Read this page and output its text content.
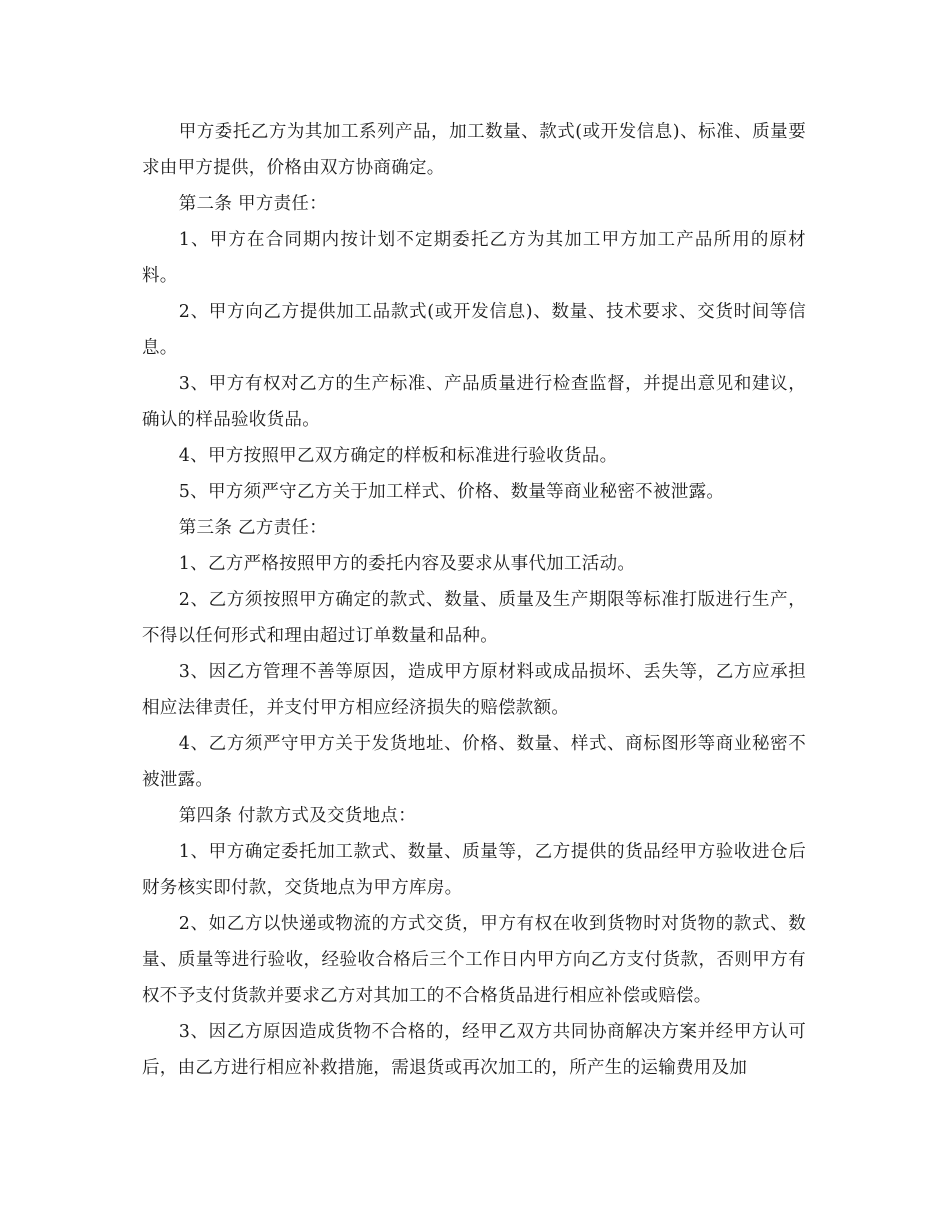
甲方委托乙方为其加工系列产品，加工数量、款式(或开发信息)、标准、质量要求由甲方提供，价格由双方协商确定。

第二条 甲方责任：

1、甲方在合同期内按计划不定期委托乙方为其加工甲方加工产品所用的原材料。

2、甲方向乙方提供加工品款式(或开发信息)、数量、技术要求、交货时间等信息。

3、甲方有权对乙方的生产标准、产品质量进行检查监督，并提出意见和建议，确认的样品验收货品。

4、甲方按照甲乙双方确定的样板和标准进行验收货品。

5、甲方须严守乙方关于加工样式、价格、数量等商业秘密不被泄露。

第三条 乙方责任：

1、乙方严格按照甲方的委托内容及要求从事代加工活动。

2、乙方须按照甲方确定的款式、数量、质量及生产期限等标准打版进行生产，不得以任何形式和理由超过订单数量和品种。

3、因乙方管理不善等原因，造成甲方原材料或成品损坏、丢失等，乙方应承担相应法律责任，并支付甲方相应经济损失的赔偿款额。

4、乙方须严守甲方关于发货地址、价格、数量、样式、商标图形等商业秘密不被泄露。

第四条 付款方式及交货地点：

1、甲方确定委托加工款式、数量、质量等，乙方提供的货品经甲方验收进仓后财务核实即付款，交货地点为甲方库房。

2、如乙方以快递或物流的方式交货，甲方有权在收到货物时对货物的款式、数量、质量等进行验收，经验收合格后三个工作日内甲方向乙方支付货款，否则甲方有权不予支付货款并要求乙方对其加工的不合格货品进行相应补偿或赔偿。

3、因乙方原因造成货物不合格的，经甲乙双方共同协商解决方案并经甲方认可后，由乙方进行相应补救措施，需退货或再次加工的，所产生的运输费用及加
